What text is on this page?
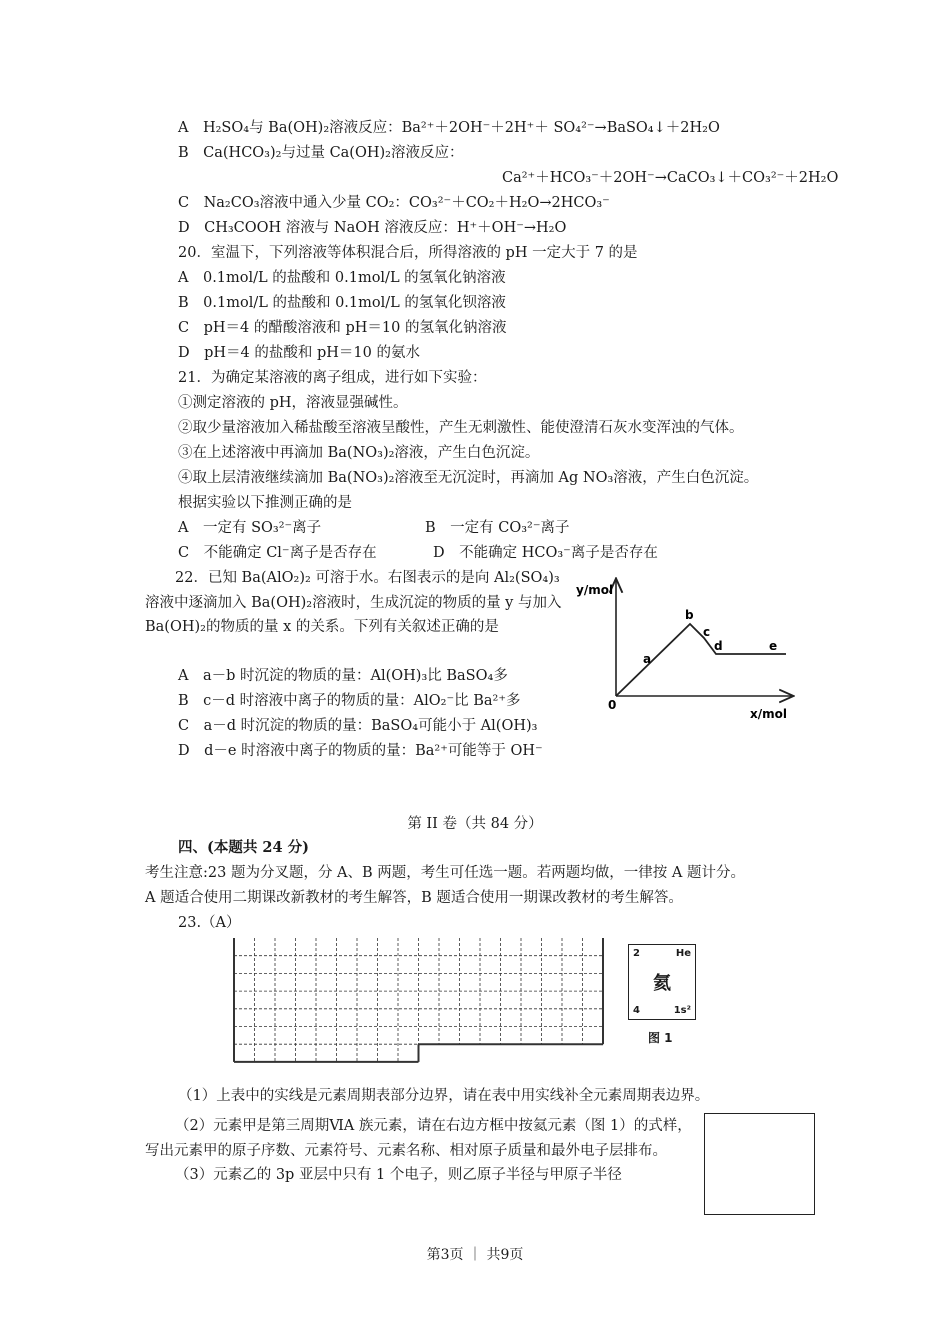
A　H₂SO₄与 Ba(OH)₂溶液反应：Ba²⁺＋2OH⁻＋2H⁺＋ SO₄²⁻→BaSO₄↓＋2H₂O
B　Ca(HCO₃)₂与过量 Ca(OH)₂溶液反应：
Ca²⁺＋HCO₃⁻＋2OH⁻→CaCO₃↓＋CO₃²⁻＋2H₂O
C　Na₂CO₃溶液中通入少量 CO₂：CO₃²⁻＋CO₂＋H₂O→2HCO₃⁻
D　CH₃COOH 溶液与 NaOH 溶液反应：H⁺＋OH⁻→H₂O
20．室温下，下列溶液等体积混合后，所得溶液的 pH 一定大于 7 的是
A　0.1mol/L 的盐酸和 0.1mol/L 的氢氧化钠溶液
B　0.1mol/L 的盐酸和 0.1mol/L 的氢氧化钡溶液
C　pH＝4 的醋酸溶液和 pH＝10 的氢氧化钠溶液
D　pH＝4 的盐酸和 pH＝10 的氨水
21．为确定某溶液的离子组成，进行如下实验：
①测定溶液的 pH，溶液显强碱性。
②取少量溶液加入稀盐酸至溶液呈酸性，产生无刺激性、能使澄清石灰水变浑浊的气体。
③在上述溶液中再滴加 Ba(NO₃)₂溶液，产生白色沉淀。
④取上层清液继续滴加 Ba(NO₃)₂溶液至无沉淀时，再滴加 Ag NO₃溶液，产生白色沉淀。
根据实验以下推测正确的是
A　一定有 SO₃²⁻离子	B　一定有 CO₃²⁻离子
C　不能确定 Cl⁻离子是否存在	D　不能确定 HCO₃⁻离子是否存在
22．已知 Ba(AlO₂)₂ 可溶于水。右图表示的是向 Al₂(SO₄)₃溶液中逐滴加入 Ba(OH)₂溶液时，生成沉淀的物质的量 y 与加入 Ba(OH)₂的物质的量 x 的关系。下列有关叙述正确的是
A　a－b 时沉淀的物质的量：Al(OH)₃比 BaSO₄多
B　c－d 时溶液中离子的物质的量：AlO₂⁻比 Ba²⁺多
C　a－d 时沉淀的物质的量：BaSO₄可能小于 Al(OH)₃
D　d－e 时溶液中离子的物质的量：Ba²⁺可能等于 OH⁻
y/mol
x/mol
0
a
b
c
d	e
第 II 卷（共 84 分）
四、(本题共 24 分)
考生注意:23 题为分叉题，分 A、B 两题，考生可任选一题。若两题均做，一律按 A 题计分。
A 题适合使用二期课改新教材的考生解答，B 题适合使用一期课改教材的考生解答。
23.（A）
2	He
氦
4	1s²
图 1
（1）上表中的实线是元素周期表部分边界，请在表中用实线补全元素周期表边界。
（2）元素甲是第三周期ⅥA 族元素，请在右边方框中按氦元素（图 1）的式样，写出元素甲的原子序数、元素符号、元素名称、相对原子质量和最外电子层排布。
（3）元素乙的 3p 亚层中只有 1 个电子，则乙原子半径与甲原子半径
第3页 ｜ 共9页
